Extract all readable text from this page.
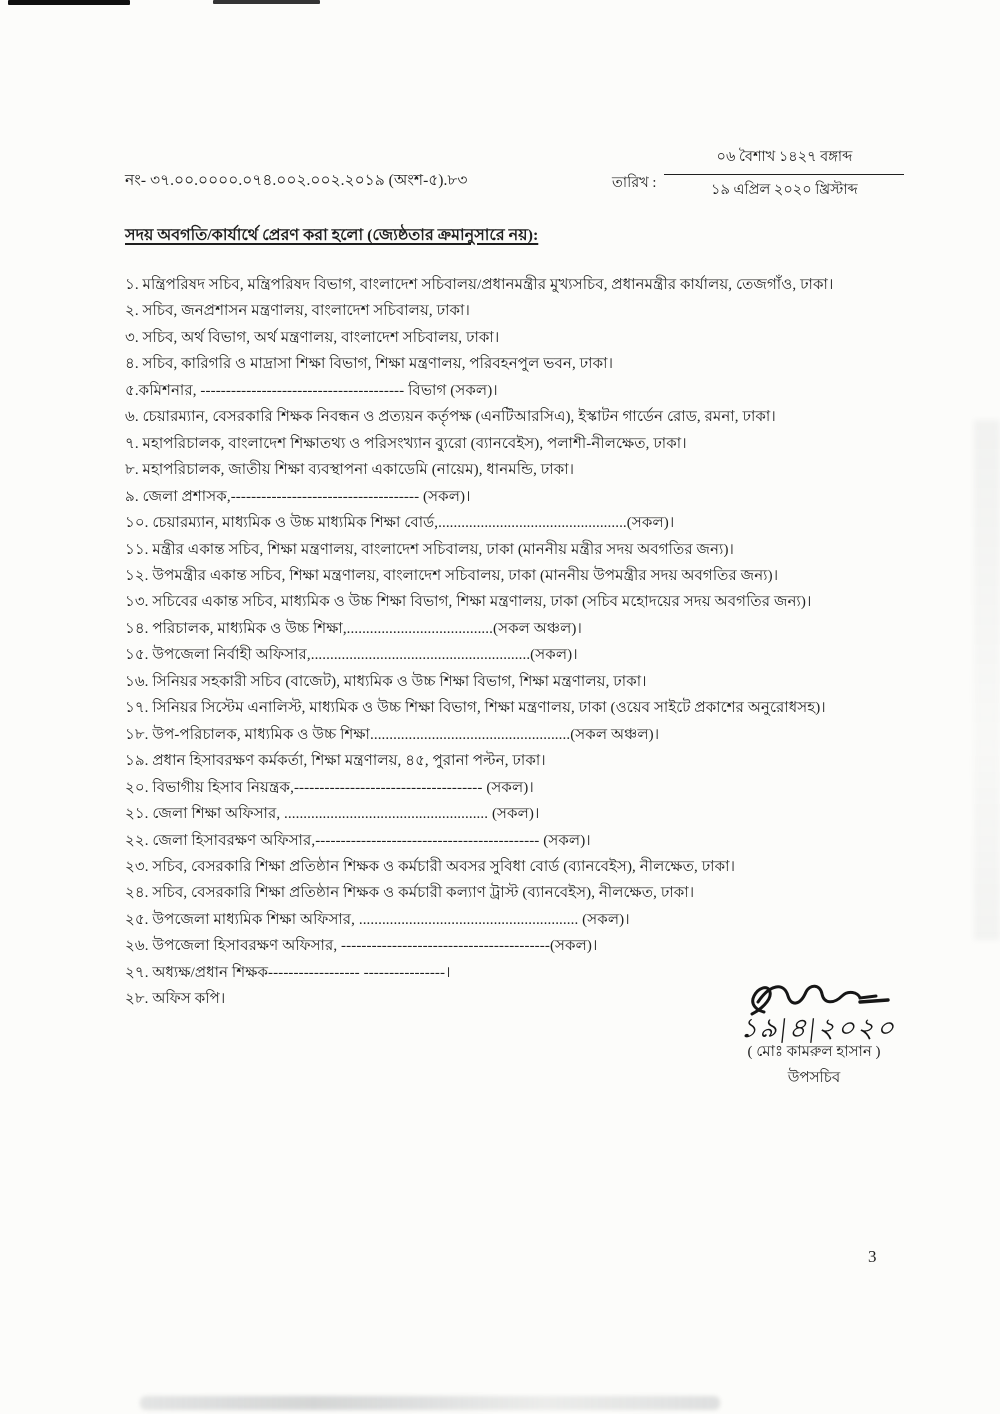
নং- ৩৭.০০.০০০০.০৭৪.০০২.০০২.২০১৯ (অংশ-৫).৮৩	তারিখ :
০৬ বৈশাখ ১৪২৭ বঙ্গাব্দ
১৯ এপ্রিল ২০২০ খ্রিস্টাব্দ
সদয় অবগতি/কার্যার্থে প্রেরণ করা হলো (জ্যেষ্ঠতার ক্রমানুসারে নয়):
১. মন্ত্রিপরিষদ সচিব, মন্ত্রিপরিষদ বিভাগ, বাংলাদেশ সচিবালয়/প্রধানমন্ত্রীর মুখ্যসচিব, প্রধানমন্ত্রীর কার্যালয়, তেজগাঁও, ঢাকা।
২. সচিব, জনপ্রশাসন মন্ত্রণালয়, বাংলাদেশ সচিবালয়, ঢাকা।
৩. সচিব, অর্থ বিভাগ, অর্থ মন্ত্রণালয়, বাংলাদেশ সচিবালয়, ঢাকা।
৪. সচিব, কারিগরি ও মাদ্রাসা শিক্ষা বিভাগ, শিক্ষা মন্ত্রণালয়, পরিবহনপুল ভবন, ঢাকা।
৫.কমিশনার, ---------------------------------------- বিভাগ (সকল)।
৬. চেয়ারম্যান, বেসরকারি শিক্ষক নিবন্ধন ও প্রত্যয়ন কর্তৃপক্ষ (এনটিআরসিএ), ইস্কাটন গার্ডেন রোড, রমনা, ঢাকা।
৭. মহাপরিচালক, বাংলাদেশ শিক্ষাতথ্য ও পরিসংখ্যান ব্যুরো (ব্যানবেইস), পলাশী-নীলক্ষেত, ঢাকা।
৮. মহাপরিচালক, জাতীয় শিক্ষা ব্যবস্থাপনা একাডেমি (নায়েম), ধানমন্ডি, ঢাকা।
৯. জেলা প্রশাসক,------------------------------------- (সকল)।
১০. চেয়ারম্যান, মাধ্যমিক ও উচ্চ মাধ্যমিক শিক্ষা বোর্ড,.................................................(সকল)।
১১. মন্ত্রীর একান্ত সচিব, শিক্ষা মন্ত্রণালয়, বাংলাদেশ সচিবালয়, ঢাকা (মাননীয় মন্ত্রীর সদয় অবগতির জন্য)।
১২. উপমন্ত্রীর একান্ত সচিব, শিক্ষা মন্ত্রণালয়, বাংলাদেশ সচিবালয়, ঢাকা (মাননীয় উপমন্ত্রীর সদয় অবগতির জন্য)।
১৩. সচিবের একান্ত সচিব, মাধ্যমিক ও উচ্চ শিক্ষা বিভাগ, শিক্ষা মন্ত্রণালয়, ঢাকা (সচিব মহোদয়ের সদয় অবগতির জন্য)।
১৪. পরিচালক, মাধ্যমিক ও উচ্চ শিক্ষা,......................................(সকল অঞ্চল)।
১৫. উপজেলা নির্বাহী অফিসার,.........................................................(সকল)।
১৬. সিনিয়র সহকারী সচিব (বাজেট), মাধ্যমিক ও উচ্চ শিক্ষা বিভাগ, শিক্ষা মন্ত্রণালয়, ঢাকা।
১৭. সিনিয়র সিস্টেম এনালিস্ট, মাধ্যমিক ও উচ্চ শিক্ষা বিভাগ, শিক্ষা মন্ত্রণালয়, ঢাকা (ওয়েব সাইটে প্রকাশের অনুরোধসহ)।
১৮. উপ-পরিচালক, মাধ্যমিক ও উচ্চ শিক্ষা....................................................(সকল অঞ্চল)।
১৯. প্রধান হিসাবরক্ষণ কর্মকর্তা, শিক্ষা মন্ত্রণালয়, ৪৫, পুরানা পল্টন, ঢাকা।
২০. বিভাগীয় হিসাব নিয়ন্ত্রক,------------------------------------- (সকল)।
২১. জেলা শিক্ষা অফিসার, ..................................................... (সকল)।
২২. জেলা হিসাবরক্ষণ অফিসার,-------------------------------------------- (সকল)।
২৩. সচিব, বেসরকারি শিক্ষা প্রতিষ্ঠান শিক্ষক ও কর্মচারী অবসর সুবিধা বোর্ড (ব্যানবেইস), নীলক্ষেত, ঢাকা।
২৪. সচিব, বেসরকারি শিক্ষা প্রতিষ্ঠান শিক্ষক ও কর্মচারী কল্যাণ ট্রাস্ট (ব্যানবেইস), নীলক্ষেত, ঢাকা।
২৫. উপজেলা মাধ্যমিক শিক্ষা অফিসার, ......................................................... (সকল)।
২৬. উপজেলা হিসাবরক্ষণ অফিসার, -----------------------------------------(সকল)।
২৭. অধ্যক্ষ/প্রধান শিক্ষক------------------ ----------------।
২৮. অফিস কপি।
১৯|৪|২০২০
( মোঃ কামরুল হাসান )
উপসচিব
3
